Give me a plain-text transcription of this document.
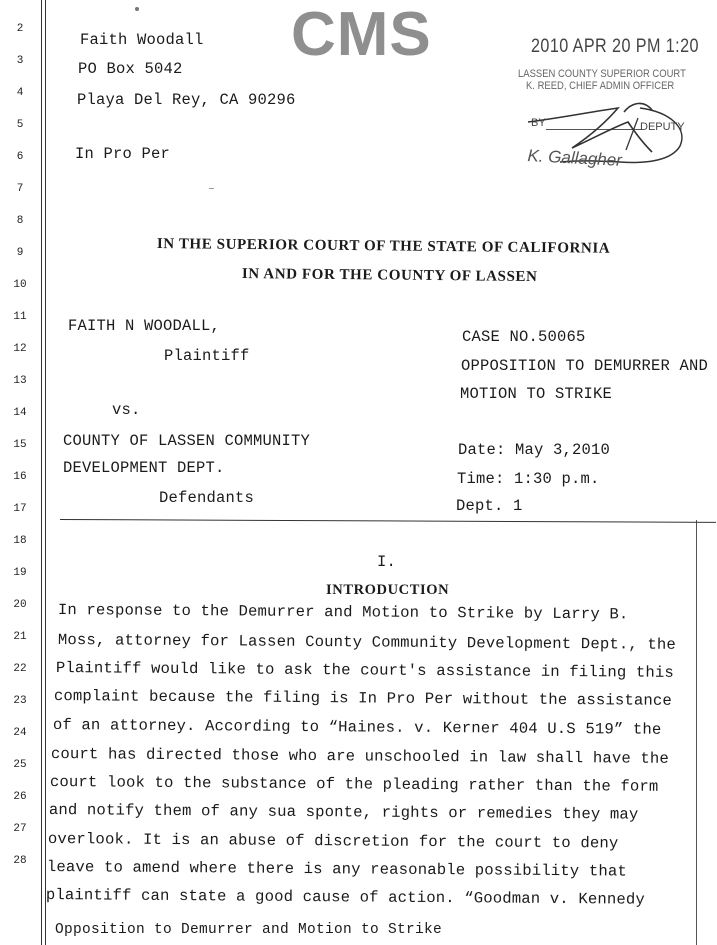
2
3
4
5
6
7
8
9
10
11
12
13
14
15
16
17
18
19
20
21
22
23
24
25
26
27
28
CMS	2010 APR 20 PM 1:20
LASSEN COUNTY SUPERIOR COURT
K. REED, CHIEF ADMIN OFFICER
BY	DEPUTY
K. Gallagher
Faith Woodall
PO Box 5042
Playa Del Rey, CA 90296
In Pro Per
IN THE SUPERIOR COURT OF THE STATE OF CALIFORNIA
IN AND FOR THE COUNTY OF LASSEN
FAITH N WOODALL,
Plaintiff
vs.
COUNTY OF LASSEN COMMUNITY
DEVELOPMENT DEPT.
Defendants
CASE NO.50065
OPPOSITION TO DEMURRER AND
MOTION TO STRIKE
Date: May 3,2010
Time: 1:30 p.m.
Dept. 1
I.
INTRODUCTION
In response to the Demurrer and Motion to Strike by Larry B.
Moss, attorney for Lassen County Community Development Dept., the
Plaintiff would like to ask the court's assistance in filing this
complaint because the filing is In Pro Per without the assistance
of an attorney. According to “Haines. v. Kerner 404 U.S 519” the
court has directed those who are unschooled in law shall have the
court look to the substance of the pleading rather than the form
and notify them of any sua sponte, rights or remedies they may
overlook. It is an abuse of discretion for the court to deny
leave to amend where there is any reasonable possibility that
plaintiff can state a good cause of action. “Goodman v. Kennedy
Opposition to Demurrer and Motion to Strike
